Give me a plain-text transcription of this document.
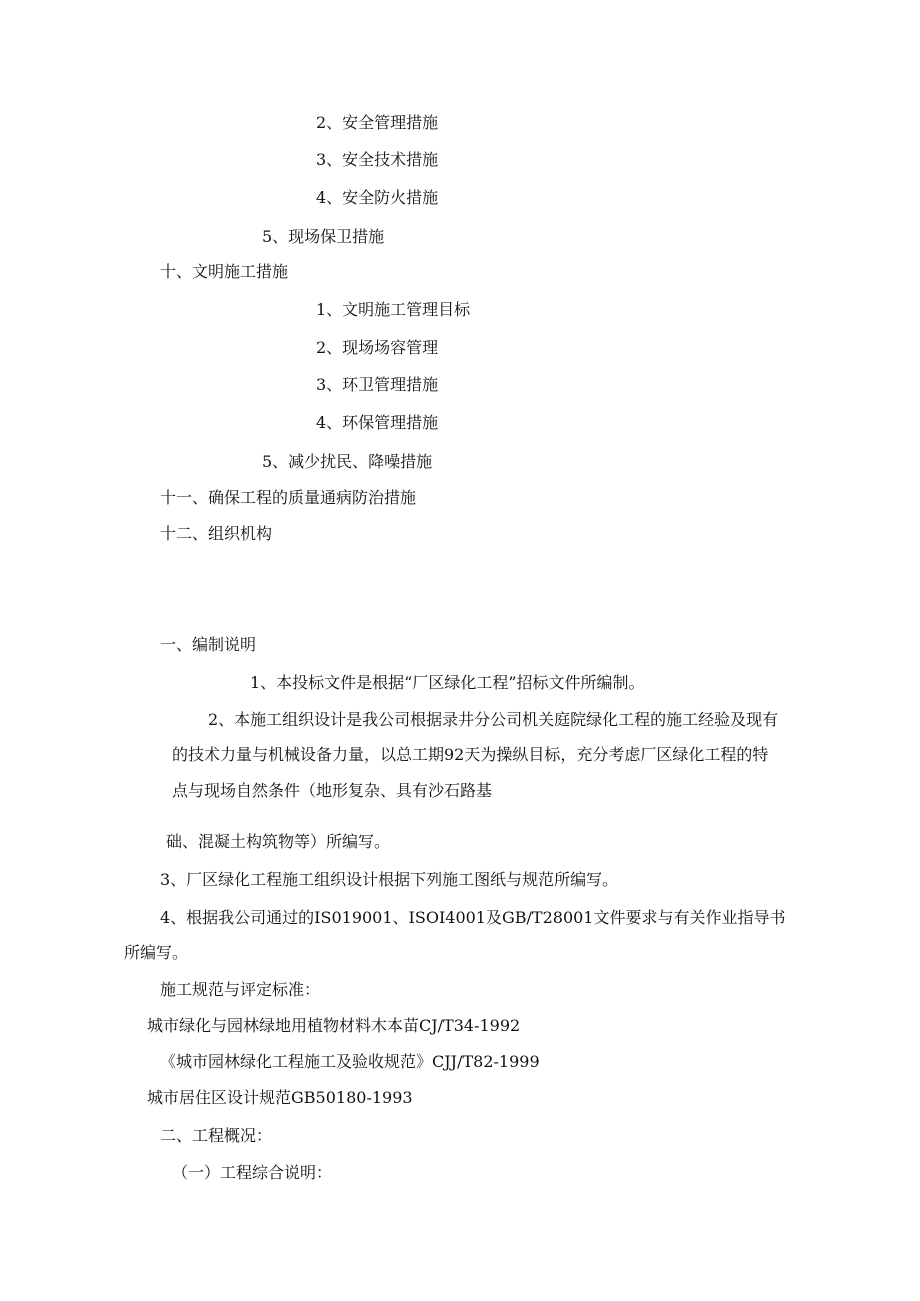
2、安全管理措施
3、安全技术措施
4、安全防火措施
5、现场保卫措施
十、文明施工措施
1、文明施工管理目标
2、现场场容管理
3、环卫管理措施
4、环保管理措施
5、减少扰民、降噪措施
十一、确保工程的质量通病防治措施
十二、组织机构
一、编制说明
1、本投标文件是根据“厂区绿化工程”招标文件所编制。
2、本施工组织设计是我公司根据录井分公司机关庭院绿化工程的施工经验及现有
的技术力量与机械设备力量，以总工期92天为操纵目标，充分考虑厂区绿化工程的特
点与现场自然条件（地形复杂、具有沙石路基
础、混凝土构筑物等）所编写。
3、厂区绿化工程施工组织设计根据下列施工图纸与规范所编写。
4、根据我公司通过的IS019001、ISOI4001及GB/T28001文件要求与有关作业指导书
所编写。
施工规范与评定标准：
城市绿化与园林绿地用植物材料木本苗CJ/T34-1992
《城市园林绿化工程施工及验收规范》CJJ/T82-1999
城市居住区设计规范GB50180-1993
二、工程概况：
（一）工程综合说明：
